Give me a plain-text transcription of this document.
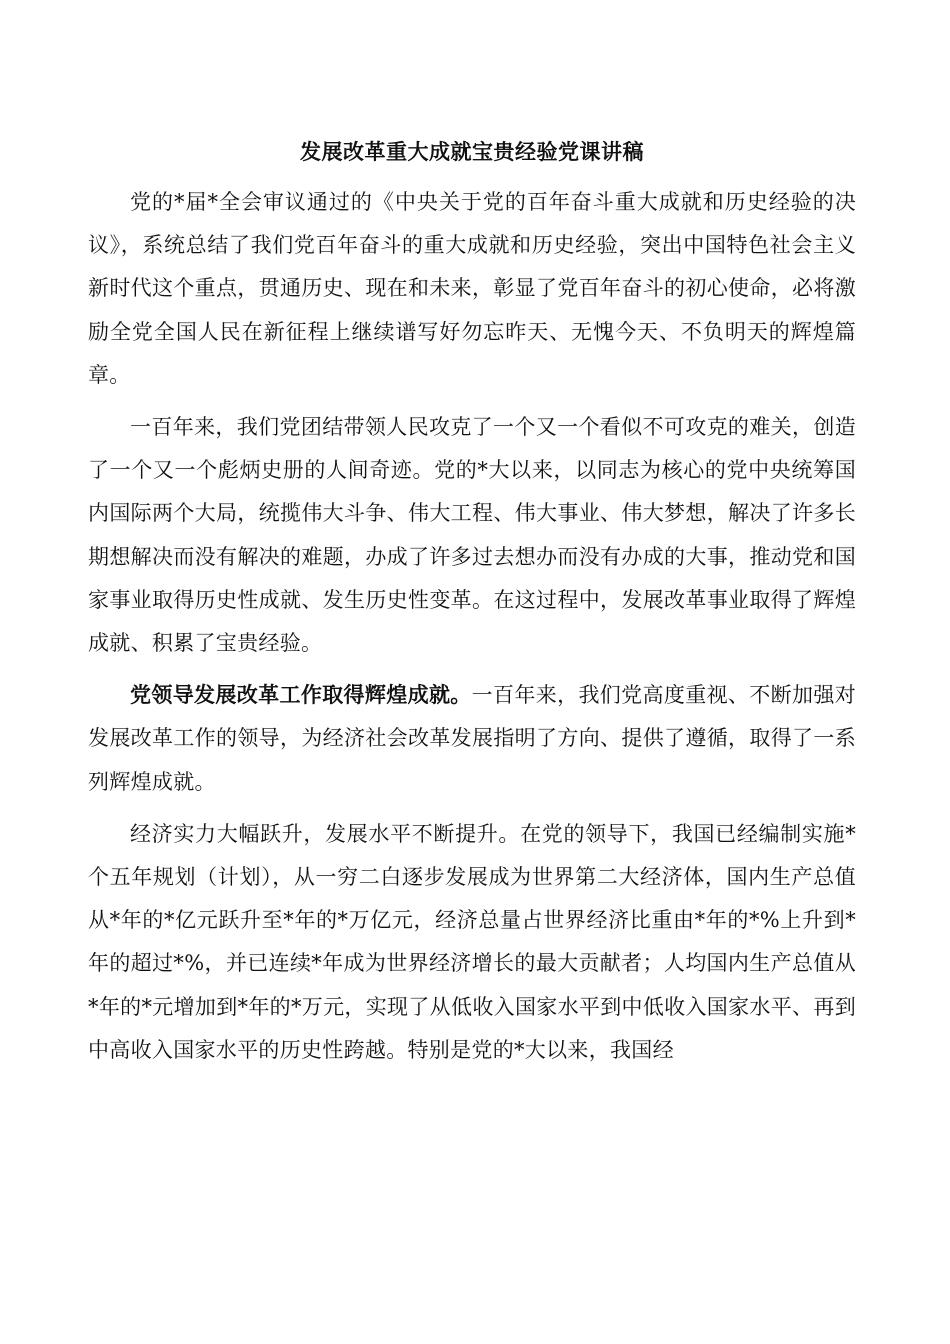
发展改革重大成就宝贵经验党课讲稿

党的*届*全会审议通过的《中央关于党的百年奋斗重大成就和历史经验的决议》，系统总结了我们党百年奋斗的重大成就和历史经验，突出中国特色社会主义新时代这个重点，贯通历史、现在和未来，彰显了党百年奋斗的初心使命，必将激励全党全国人民在新征程上继续谱写好勿忘昨天、无愧今天、不负明天的辉煌篇章。

一百年来，我们党团结带领人民攻克了一个又一个看似不可攻克的难关，创造了一个又一个彪炳史册的人间奇迹。党的*大以来，以同志为核心的党中央统筹国内国际两个大局，统揽伟大斗争、伟大工程、伟大事业、伟大梦想，解决了许多长期想解决而没有解决的难题，办成了许多过去想办而没有办成的大事，推动党和国家事业取得历史性成就、发生历史性变革。在这过程中，发展改革事业取得了辉煌成就、积累了宝贵经验。

党领导发展改革工作取得辉煌成就。一百年来，我们党高度重视、不断加强对发展改革工作的领导，为经济社会改革发展指明了方向、提供了遵循，取得了一系列辉煌成就。

经济实力大幅跃升，发展水平不断提升。在党的领导下，我国已经编制实施*个五年规划（计划），从一穷二白逐步发展成为世界第二大经济体，国内生产总值从*年的*亿元跃升至*年的*万亿元，经济总量占世界经济比重由*年的*%上升到*年的超过*%，并已连续*年成为世界经济增长的最大贡献者；人均国内生产总值从*年的*元增加到*年的*万元，实现了从低收入国家水平到中低收入国家水平、再到中高收入国家水平的历史性跨越。特别是党的*大以来，我国经
